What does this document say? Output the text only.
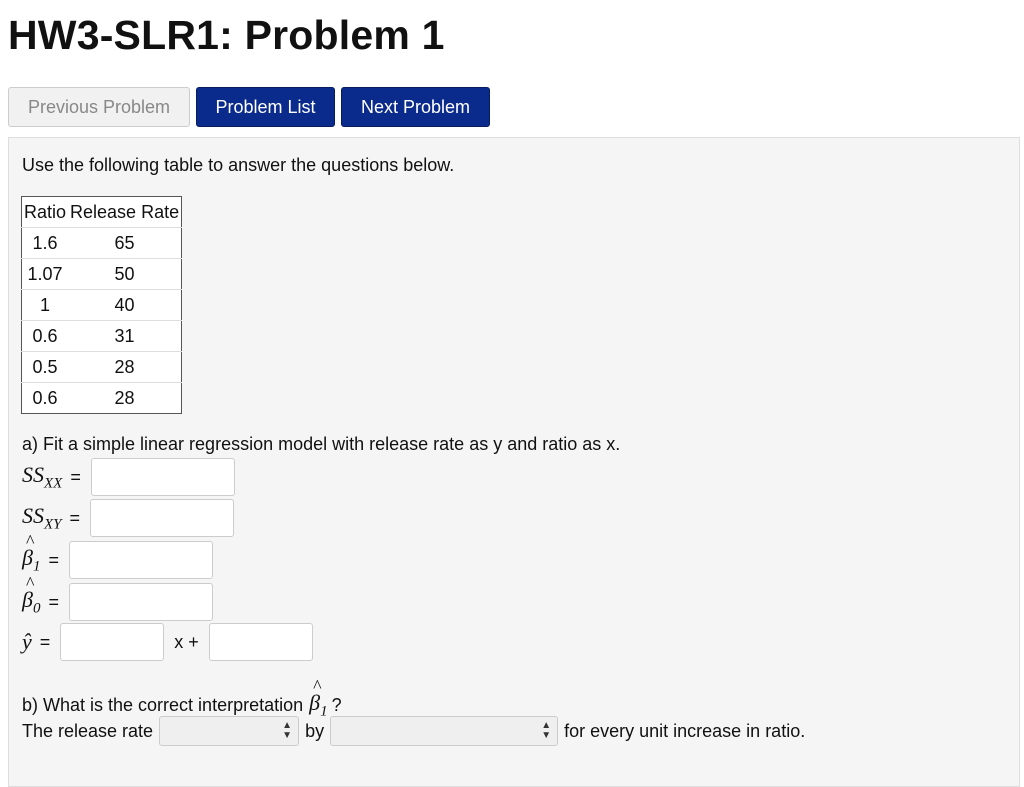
HW3-SLR1: Problem 1
Previous Problem	Problem List	Next Problem
Use the following table to answer the questions below.
Ratio	Release Rate
1.6	65
1.07	50
1	40
0.6	31
0.5	28
0.6	28
a) Fit a simple linear regression model with release rate as y and ratio as x.
$SS_{XX}$ =
$SS_{XY}$ =
^ $\beta_1$ =
^ $\beta_0$ =
ŷ =	x +
b) What is the correct interpretation ^ $\beta_1$ ?
The release rate	▲
▼ by	▲
▼ for every unit increase in ratio.
